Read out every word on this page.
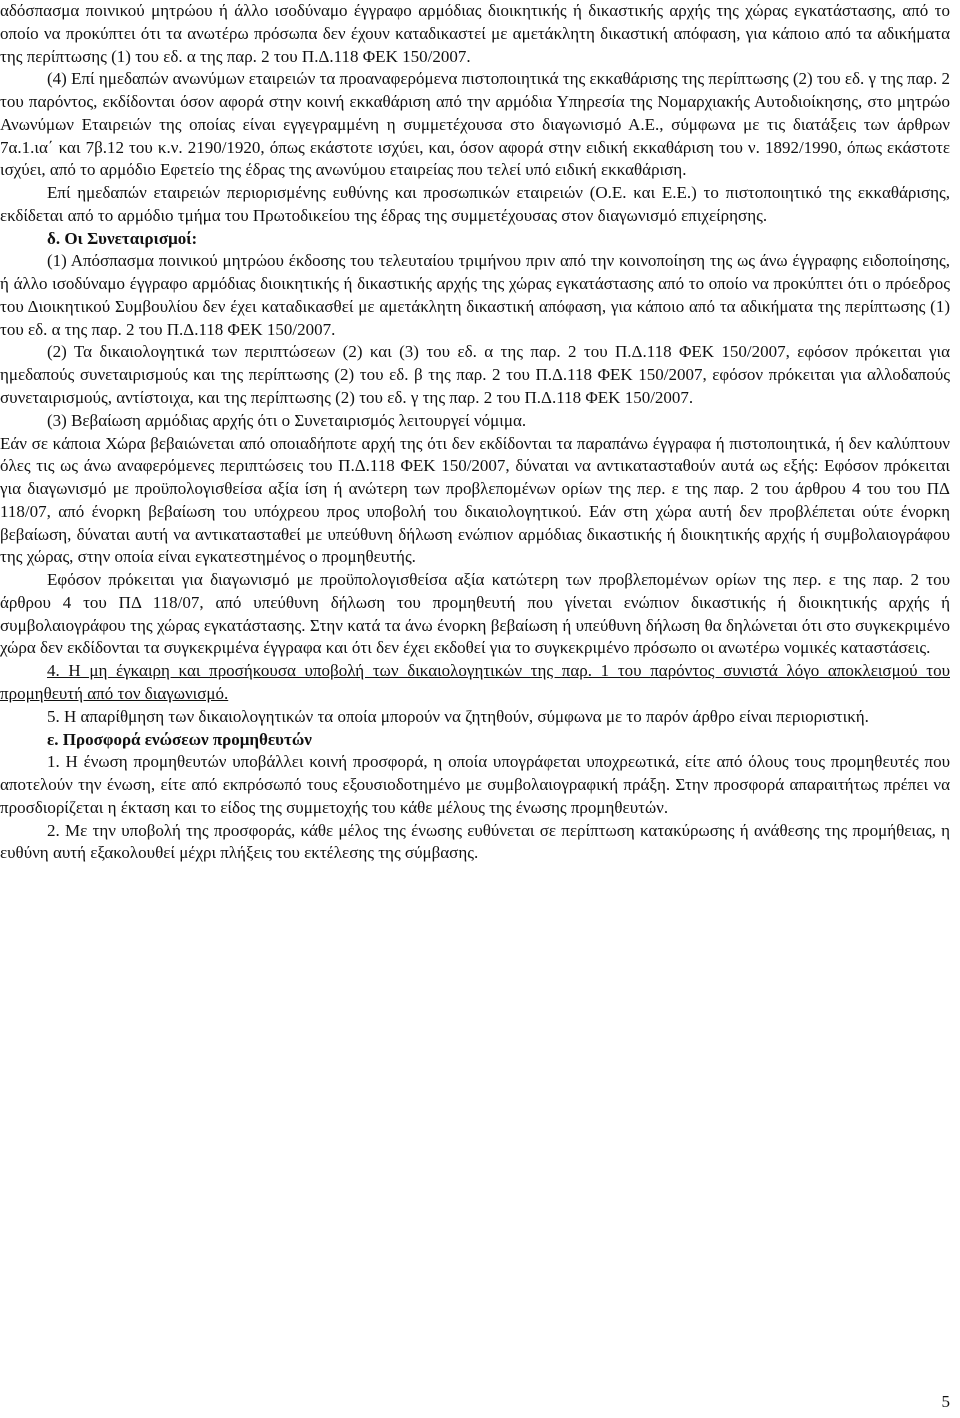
αδόσπασμα ποινικού μητρώου ή άλλο ισοδύναμο έγγραφο αρμόδιας διοικητικής ή δικαστικής αρχής της χώρας εγκατάστασης, από το οποίο να προκύπτει ότι τα ανωτέρω πρόσωπα δεν έχουν καταδικαστεί με αμετάκλητη δικαστική απόφαση, για κάποιο από τα αδικήματα της περίπτωσης (1) του εδ. α της παρ. 2 του Π.Δ.118 ΦΕΚ 150/2007.

(4) Επί ημεδαπών ανωνύμων εταιρειών τα προαναφερόμενα πιστοποιητικά της εκκαθάρισης της περίπτωσης (2) του εδ. γ της παρ. 2 του παρόντος, εκδίδονται όσον αφορά στην κοινή εκκαθάριση από την αρμόδια Υπηρεσία της Νομαρχιακής Αυτοδιοίκησης, στο μητρώο Ανωνύμων Εταιρειών της οποίας είναι εγγεγραμμένη η συμμετέχουσα στο διαγωνισμό Α.Ε., σύμφωνα με τις διατάξεις των άρθρων 7α.1.ια΄ και 7β.12 του κ.ν. 2190/1920, όπως εκάστοτε ισχύει, και, όσον αφορά στην ειδική εκκαθάριση του ν. 1892/1990, όπως εκάστοτε ισχύει, από το αρμόδιο Εφετείο της έδρας της ανωνύμου εταιρείας που τελεί υπό ειδική εκκαθάριση.

Επί ημεδαπών εταιρειών περιορισμένης ευθύνης και προσωπικών εταιρειών (Ο.Ε. και Ε.Ε.) το πιστοποιητικό της εκκαθάρισης, εκδίδεται από το αρμόδιο τμήμα του Πρωτοδικείου της έδρας της συμμετέχουσας στον διαγωνισμό επιχείρησης.

δ. Οι Συνεταιρισμοί:

(1) Απόσπασμα ποινικού μητρώου έκδοσης του τελευταίου τριμήνου πριν από την κοινοποίηση της ως άνω έγγραφης ειδοποίησης, ή άλλο ισοδύναμο έγγραφο αρμόδιας διοικητικής ή δικαστικής αρχής της χώρας εγκατάστασης από το οποίο να προκύπτει ότι ο πρόεδρος του Διοικητικού Συμβουλίου δεν έχει καταδικασθεί με αμετάκλητη δικαστική απόφαση, για κάποιο από τα αδικήματα της περίπτωσης (1) του εδ. α της παρ. 2 του Π.Δ.118 ΦΕΚ 150/2007.

(2) Τα δικαιολογητικά των περιπτώσεων (2) και (3) του εδ. α της παρ. 2 του Π.Δ.118 ΦΕΚ 150/2007, εφόσον πρόκειται για ημεδαπούς συνεταιρισμούς και της περίπτωσης (2) του εδ. β της παρ. 2 του Π.Δ.118 ΦΕΚ 150/2007, εφόσον πρόκειται για αλλοδαπούς συνεταιρισμούς, αντίστοιχα, και της περίπτωσης (2) του εδ. γ της παρ. 2 του Π.Δ.118 ΦΕΚ 150/2007.

(3) Βεβαίωση αρμόδιας αρχής ότι ο Συνεταιρισμός λειτουργεί νόμιμα.

Εάν σε κάποια Χώρα βεβαιώνεται από οποιαδήποτε αρχή της ότι δεν εκδίδονται τα παραπάνω έγγραφα ή πιστοποιητικά, ή δεν καλύπτουν όλες τις ως άνω αναφερόμενες περιπτώσεις του Π.Δ.118 ΦΕΚ 150/2007, δύναται να αντικατασταθούν αυτά ως εξής: Εφόσον πρόκειται για διαγωνισμό με προϋπολογισθείσα αξία ίση ή ανώτερη των προβλεπομένων ορίων της περ. ε της παρ. 2 του άρθρου 4 του του ΠΔ 118/07, από ένορκη βεβαίωση του υπόχρεου προς υποβολή του δικαιολογητικού. Εάν στη χώρα αυτή δεν προβλέπεται ούτε ένορκη βεβαίωση, δύναται αυτή να αντικατασταθεί με υπεύθυνη δήλωση ενώπιον αρμόδιας δικαστικής ή διοικητικής αρχής ή συμβολαιογράφου της χώρας, στην οποία είναι εγκατεστημένος ο προμηθευτής.

Εφόσον πρόκειται για διαγωνισμό με προϋπολογισθείσα αξία κατώτερη των προβλεπομένων ορίων της περ. ε της παρ. 2 του άρθρου 4 του ΠΔ 118/07, από υπεύθυνη δήλωση του προμηθευτή που γίνεται ενώπιον δικαστικής ή διοικητικής αρχής ή συμβολαιογράφου της χώρας εγκατάστασης. Στην κατά τα άνω ένορκη βεβαίωση ή υπεύθυνη δήλωση θα δηλώνεται ότι στο συγκεκριμένο χώρα δεν εκδίδονται τα συγκεκριμένα έγγραφα και ότι δεν έχει εκδοθεί για το συγκεκριμένο πρόσωπο οι ανωτέρω νομικές καταστάσεις.

4. Η μη έγκαιρη και προσήκουσα υποβολή των δικαιολογητικών της παρ. 1 του παρόντος συνιστά λόγο αποκλεισμού του προμηθευτή από τον διαγωνισμό.

5. Η απαρίθμηση των δικαιολογητικών τα οποία μπορούν να ζητηθούν, σύμφωνα με το παρόν άρθρο είναι περιοριστική.

ε. Προσφορά ενώσεων προμηθευτών

1. Η ένωση προμηθευτών υποβάλλει κοινή προσφορά, η οποία υπογράφεται υποχρεωτικά, είτε από όλους τους προμηθευτές που αποτελούν την ένωση, είτε από εκπρόσωπό τους εξουσιοδοτημένο με συμβολαιογραφική πράξη. Στην προσφορά απαραιτήτως πρέπει να προσδιορίζεται η έκταση και το είδος της συμμετοχής του κάθε μέλους της ένωσης προμηθευτών.

2. Με την υποβολή της προσφοράς, κάθε μέλος της ένωσης ευθύνεται σε περίπτωση κατακύρωσης ή ανάθεσης της προμήθειας, η ευθύνη αυτή εξακολουθεί μέχρι πλήξεις του εκτέλεσης της σύμβασης.

5
